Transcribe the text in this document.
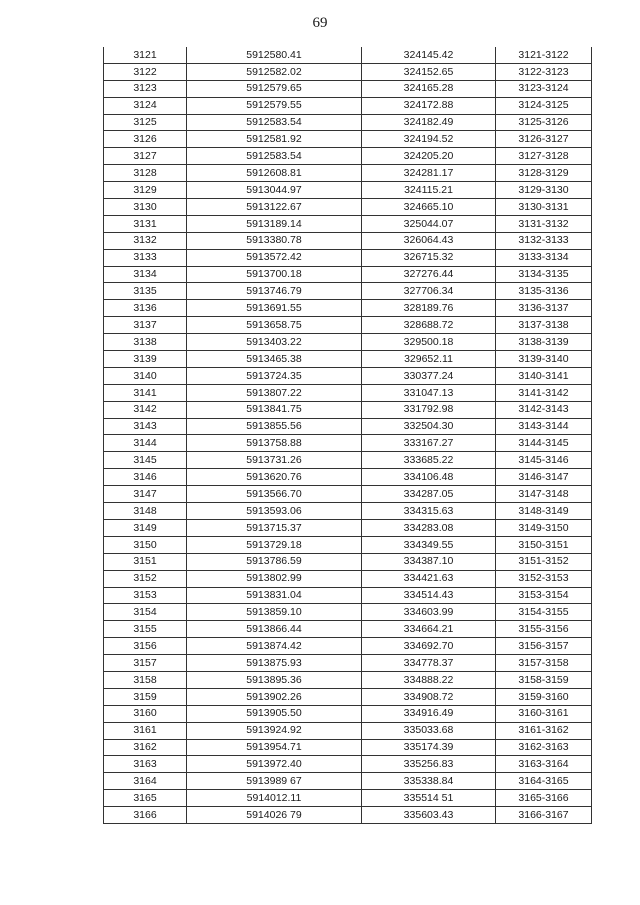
69
3121	5912580.41	324145.42	3121-3122
3122	5912582.02	324152.65	3122-3123
3123	5912579.65	324165.28	3123-3124
3124	5912579.55	324172.88	3124-3125
3125	5912583.54	324182.49	3125-3126
3126	5912581.92	324194.52	3126-3127
3127	5912583.54	324205.20	3127-3128
3128	5912608.81	324281.17	3128-3129
3129	5913044.97	324115.21	3129-3130
3130	5913122.67	324665.10	3130-3131
3131	5913189.14	325044.07	3131-3132
3132	5913380.78	326064.43	3132-3133
3133	5913572.42	326715.32	3133-3134
3134	5913700.18	327276.44	3134-3135
3135	5913746.79	327706.34	3135-3136
3136	5913691.55	328189.76	3136-3137
3137	5913658.75	328688.72	3137-3138
3138	5913403.22	329500.18	3138-3139
3139	5913465.38	329652.11	3139-3140
3140	5913724.35	330377.24	3140-3141
3141	5913807.22	331047.13	3141-3142
3142	5913841.75	331792.98	3142-3143
3143	5913855.56	332504.30	3143-3144
3144	5913758.88	333167.27	3144-3145
3145	5913731.26	333685.22	3145-3146
3146	5913620.76	334106.48	3146-3147
3147	5913566.70	334287.05	3147-3148
3148	5913593.06	334315.63	3148-3149
3149	5913715.37	334283.08	3149-3150
3150	5913729.18	334349.55	3150-3151
3151	5913786.59	334387.10	3151-3152
3152	5913802.99	334421.63	3152-3153
3153	5913831.04	334514.43	3153-3154
3154	5913859.10	334603.99	3154-3155
3155	5913866.44	334664.21	3155-3156
3156	5913874.42	334692.70	3156-3157
3157	5913875.93	334778.37	3157-3158
3158	5913895.36	334888.22	3158-3159
3159	5913902.26	334908.72	3159-3160
3160	5913905.50	334916.49	3160-3161
3161	5913924.92	335033.68	3161-3162
3162	5913954.71	335174.39	3162-3163
3163	5913972.40	335256.83	3163-3164
3164	5913989 67	335338.84	3164-3165
3165	5914012.11	335514 51	3165-3166
3166	5914026 79	335603.43	3166-3167
